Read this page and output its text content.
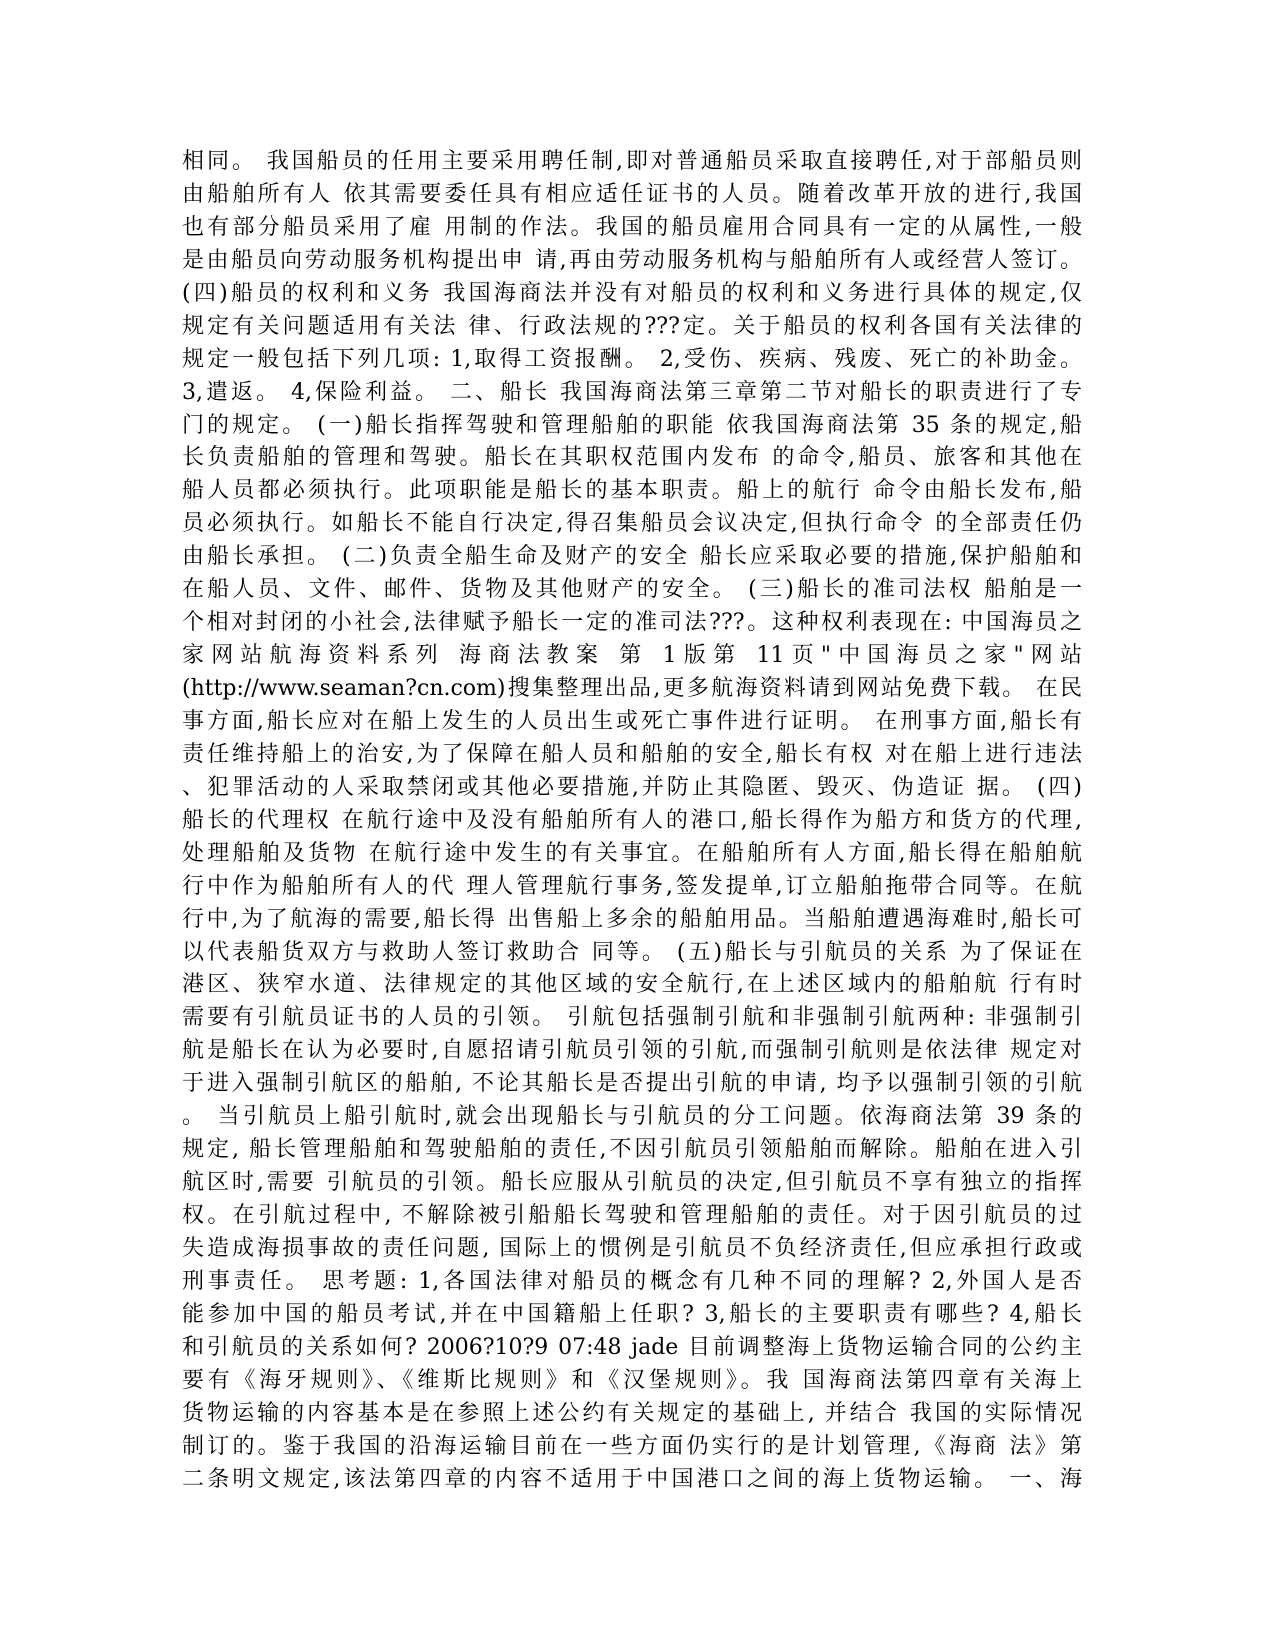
相同。 我国船员的任用主要采用聘任制,即对普通船员采取直接聘任,对于部船员则
由船舶所有人 依其需要委任具有相应适任证书的人员。随着改革开放的进行,我国
也有部分船员采用了雇 用制的作法。我国的船员雇用合同具有一定的从属性,一般
是由船员向劳动服务机构提出申 请,再由劳动服务机构与船舶所有人或经营人签订。
(四)船员的权利和义务 我国海商法并没有对船员的权利和义务进行具体的规定,仅
规定有关问题适用有关法 律、行政法规的???定。关于船员的权利各国有关法律的
规定一般包括下列几项: 1,取得工资报酬。 2,受伤、疾病、残废、死亡的补助金。
3,遣返。 4,保险利益。 二、船长 我国海商法第三章第二节对船长的职责进行了专
门的规定。 (一)船长指挥驾驶和管理船舶的职能 依我国海商法第 35 条的规定,船
长负责船舶的管理和驾驶。船长在其职权范围内发布 的命令,船员、旅客和其他在
船人员都必须执行。此项职能是船长的基本职责。船上的航行 命令由船长发布,船
员必须执行。如船长不能自行决定,得召集船员会议决定,但执行命令 的全部责任仍
由船长承担。 (二)负责全船生命及财产的安全 船长应采取必要的措施,保护船舶和
在船人员、文件、邮件、货物及其他财产的安全。 (三)船长的准司法权 船舶是一
个相对封闭的小社会,法律赋予船长一定的准司法???。这种权利表现在: 中国海员之
家网站航海资料系列 海商法教案 第 1版第 11页"中国海员之家"网站
(http://www.seaman?cn.com)搜集整理出品,更多航海资料请到网站免费下载。 在民
事方面,船长应对在船上发生的人员出生或死亡事件进行证明。 在刑事方面,船长有
责任维持船上的治安,为了保障在船人员和船舶的安全,船长有权 对在船上进行违法
、犯罪活动的人采取禁闭或其他必要措施,并防止其隐匿、毁灭、伪造证 据。 (四)
船长的代理权 在航行途中及没有船舶所有人的港口,船长得作为船方和货方的代理,
处理船舶及货物 在航行途中发生的有关事宜。在船舶所有人方面,船长得在船舶航
行中作为船舶所有人的代 理人管理航行事务,签发提单,订立船舶拖带合同等。在航
行中,为了航海的需要,船长得 出售船上多余的船舶用品。当船舶遭遇海难时,船长可
以代表船货双方与救助人签订救助合 同等。 (五)船长与引航员的关系 为了保证在
港区、狭窄水道、法律规定的其他区域的安全航行,在上述区域内的船舶航 行有时
需要有引航员证书的人员的引领。 引航包括强制引航和非强制引航两种: 非强制引
航是船长在认为必要时,自愿招请引航员引领的引航,而强制引航则是依法律 规定对
于进入强制引航区的船舶, 不论其船长是否提出引航的申请, 均予以强制引领的引航
。 当引航员上船引航时,就会出现船长与引航员的分工问题。依海商法第 39 条的
规定, 船长管理船舶和驾驶船舶的责任,不因引航员引领船舶而解除。船舶在进入引
航区时,需要 引航员的引领。船长应服从引航员的决定,但引航员不享有独立的指挥
权。在引航过程中, 不解除被引船船长驾驶和管理船舶的责任。对于因引航员的过
失造成海损事故的责任问题, 国际上的惯例是引航员不负经济责任,但应承担行政或
刑事责任。 思考题: 1,各国法律对船员的概念有几种不同的理解? 2,外国人是否
能参加中国的船员考试,并在中国籍船上任职? 3,船长的主要职责有哪些? 4,船长
和引航员的关系如何? 2006?10?9 07:48 jade 目前调整海上货物运输合同的公约主
要有《海牙规则》、《维斯比规则》和《汉堡规则》。我 国海商法第四章有关海上
货物运输的内容基本是在参照上述公约有关规定的基础上, 并结合 我国的实际情况
制订的。鉴于我国的沿海运输目前在一些方面仍实行的是计划管理,《海商 法》第
二条明文规定,该法第四章的内容不适用于中国港口之间的海上货物运输。 一、海
